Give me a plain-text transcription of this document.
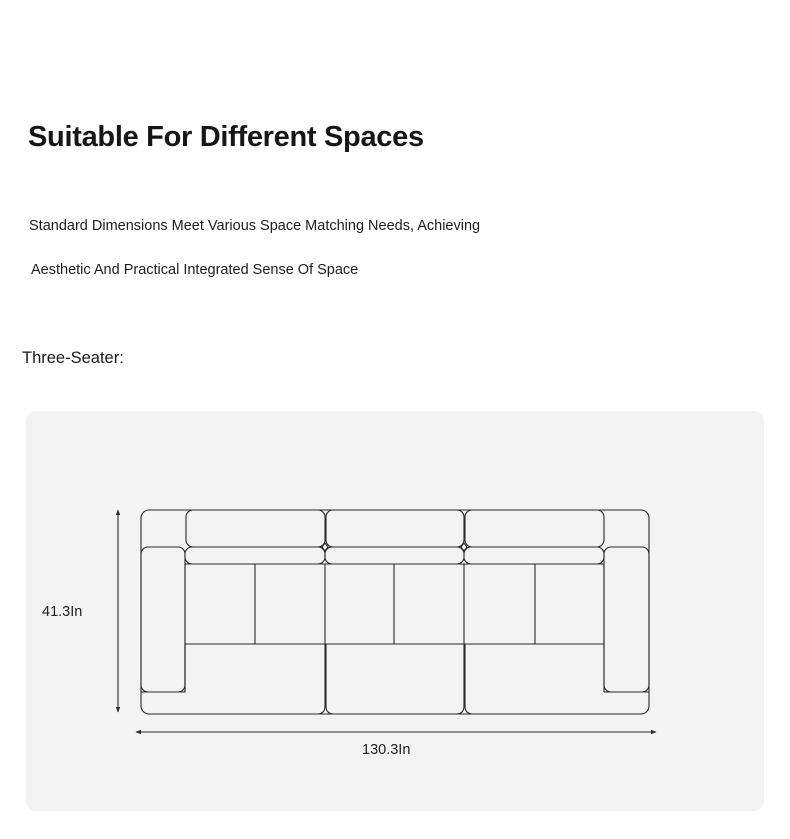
Suitable For Different Spaces

Standard Dimensions Meet Various Space Matching Needs, Achieving

Aesthetic And Practical Integrated Sense Of Space

Three-Seater:

41.3In
130.3In
